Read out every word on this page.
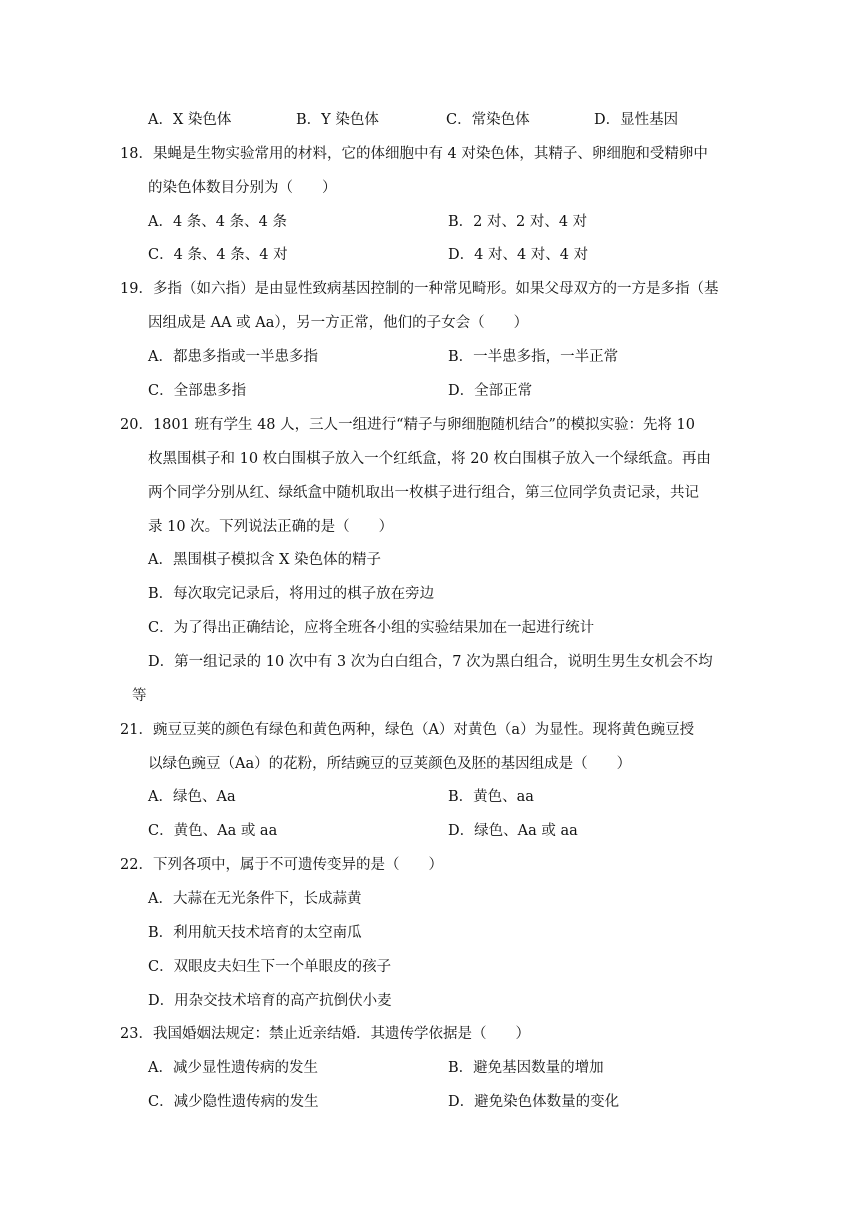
A．X 染色体	B．Y 染色体	C．常染色体	D．显性基因
18．果蝇是生物实验常用的材料，它的体细胞中有 4 对染色体，其精子、卵细胞和受精卵中
的染色体数目分别为（　　）
A．4 条、4 条、4 条	B．2 对、2 对、4 对
C．4 条、4 条、4 对	D．4 对、4 对、4 对
19．多指（如六指）是由显性致病基因控制的一种常见畸形。如果父母双方的一方是多指（基
因组成是 AA 或 Aa），另一方正常，他们的子女会（　　）
A．都患多指或一半患多指	B．一半患多指，一半正常
C．全部患多指	D．全部正常
20．1801 班有学生 48 人，三人一组进行“精子与卵细胞随机结合”的模拟实验：先将 10
枚黑围棋子和 10 枚白围棋子放入一个红纸盒，将 20 枚白围棋子放入一个绿纸盒。再由
两个同学分别从红、绿纸盒中随机取出一枚棋子进行组合，第三位同学负责记录，共记
录 10 次。下列说法正确的是（　　）
A．黑围棋子模拟含 X 染色体的精子
B．每次取完记录后，将用过的棋子放在旁边
C．为了得出正确结论，应将全班各小组的实验结果加在一起进行统计
D．第一组记录的 10 次中有 3 次为白白组合，7 次为黑白组合，说明生男生女机会不均
等
21．豌豆豆荚的颜色有绿色和黄色两种，绿色（A）对黄色（a）为显性。现将黄色豌豆授
以绿色豌豆（Aa）的花粉，所结豌豆的豆荚颜色及胚的基因组成是（　　）
A．绿色、Aa	B．黄色、aa
C．黄色、Aa 或 aa	D．绿色、Aa 或 aa
22．下列各项中，属于不可遗传变异的是（　　）
A．大蒜在无光条件下，长成蒜黄
B．利用航天技术培育的太空南瓜
C．双眼皮夫妇生下一个单眼皮的孩子
D．用杂交技术培育的高产抗倒伏小麦
23．我国婚姻法规定：禁止近亲结婚．其遗传学依据是（　　）
A．减少显性遗传病的发生	B．避免基因数量的增加
C．减少隐性遗传病的发生	D．避免染色体数量的变化
